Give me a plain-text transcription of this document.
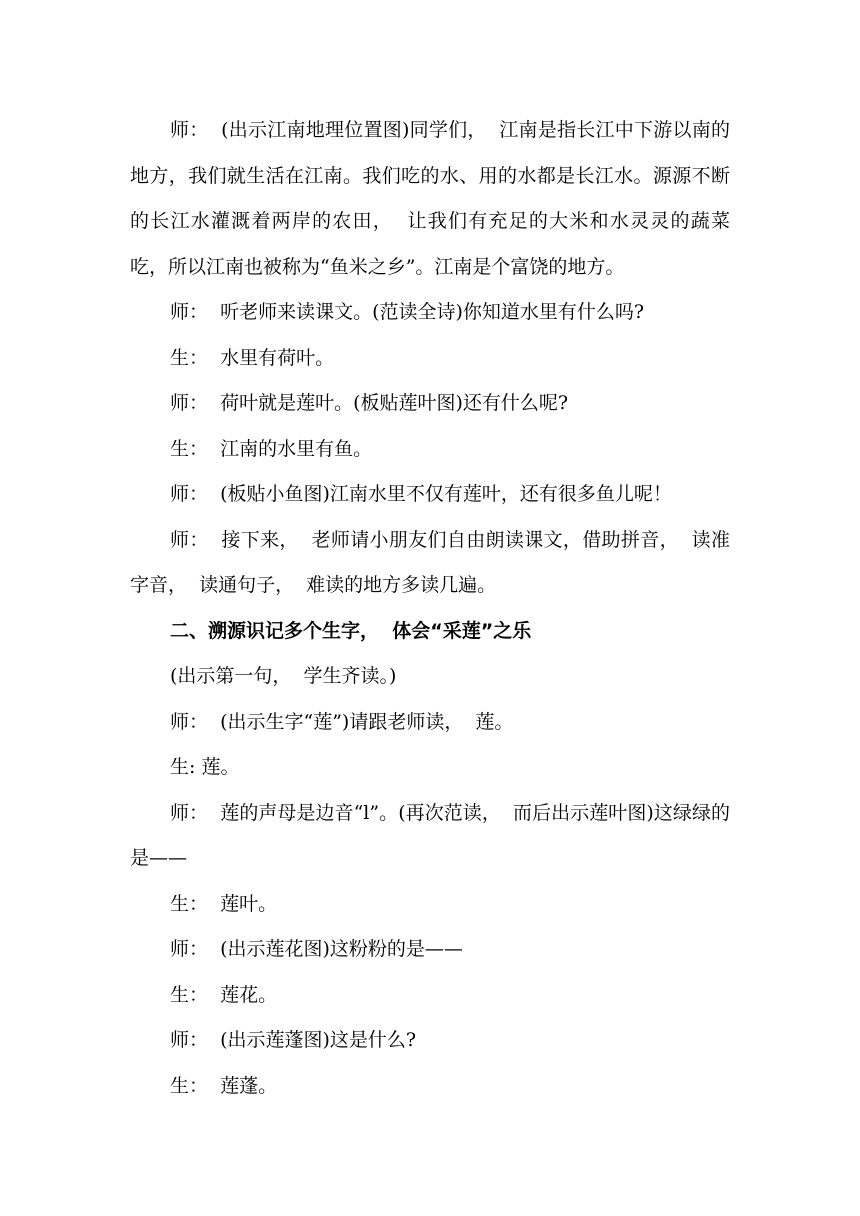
师：  (出示江南地理位置图)同学们，  江南是指长江中下游以南的地方，我们就生活在江南。我们吃的水、用的水都是长江水。源源不断的长江水灌溉着两岸的农田，  让我们有充足的大米和水灵灵的蔬菜吃，所以江南也被称为“鱼米之乡”。江南是个富饶的地方。

师：  听老师来读课文。(范读全诗)你知道水里有什么吗?

生：  水里有荷叶。

师：  荷叶就是莲叶。(板贴莲叶图)还有什么呢?

生：  江南的水里有鱼。

师：  (板贴小鱼图)江南水里不仅有莲叶，还有很多鱼儿呢！

师：  接下来，  老师请小朋友们自由朗读课文，借助拼音，  读准字音，  读通句子，  难读的地方多读几遍。

二、溯源识记多个生字，  体会“采莲”之乐

(出示第一句，  学生齐读。)

师：  (出示生字“莲”)请跟老师读，  莲。

生: 莲。

师：  莲的声母是边音“l”。(再次范读，  而后出示莲叶图)这绿绿的是——

生：  莲叶。

师：  (出示莲花图)这粉粉的是——

生：  莲花。

师：  (出示莲蓬图)这是什么?

生：  莲蓬。
